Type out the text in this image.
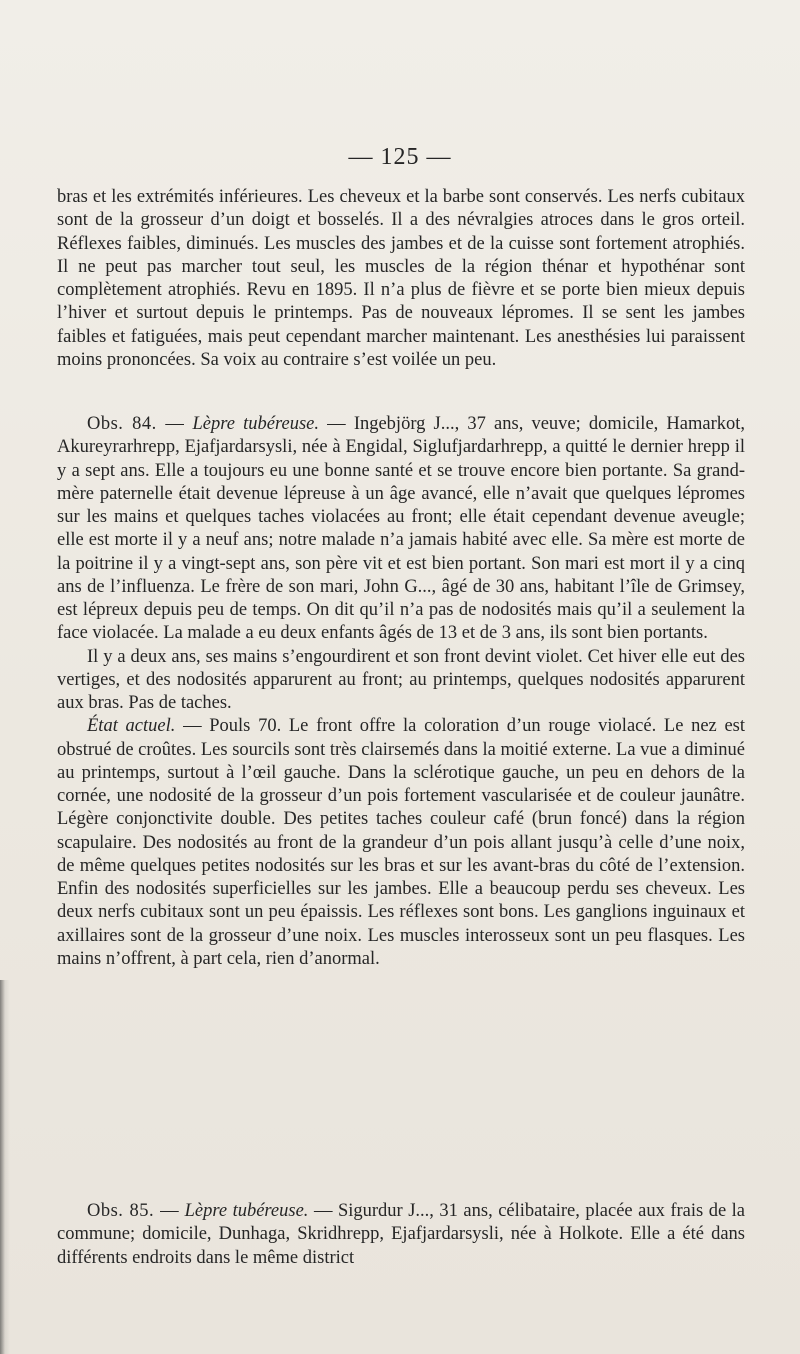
— 125 —

bras et les extrémités inférieures. Les cheveux et la barbe sont conservés. Les nerfs cubitaux sont de la grosseur d’un doigt et bosselés. Il a des névralgies atroces dans le gros orteil. Réflexes faibles, diminués. Les muscles des jambes et de la cuisse sont fortement atrophiés. Il ne peut pas marcher tout seul, les muscles de la région thénar et hypothénar sont complètement atrophiés. Revu en 1895. Il n’a plus de fièvre et se porte bien mieux depuis l’hiver et surtout depuis le printemps. Pas de nouveaux lépromes. Il se sent les jambes faibles et fatiguées, mais peut cependant marcher maintenant. Les anesthésies lui paraissent moins prononcées. Sa voix au contraire s’est voilée un peu.

Obs. 84. — Lèpre tubéreuse. — Ingebjörg J..., 37 ans, veuve; domicile, Hamarkot, Akureyrarhrepp, Ejafjardarsysli, née à Engidal, Siglufjardarhrepp, a quitté le dernier hrepp il y a sept ans. Elle a toujours eu une bonne santé et se trouve encore bien portante. Sa grand-mère paternelle était devenue lépreuse à un âge avancé, elle n’avait que quelques lépromes sur les mains et quelques taches violacées au front; elle était cependant devenue aveugle; elle est morte il y a neuf ans; notre malade n’a jamais habité avec elle. Sa mère est morte de la poitrine il y a vingt-sept ans, son père vit et est bien portant. Son mari est mort il y a cinq ans de l’influenza. Le frère de son mari, John G..., âgé de 30 ans, habitant l’île de Grimsey, est lépreux depuis peu de temps. On dit qu’il n’a pas de nodosités mais qu’il a seulement la face violacée. La malade a eu deux enfants âgés de 13 et de 3 ans, ils sont bien portants.

Il y a deux ans, ses mains s’engourdirent et son front devint violet. Cet hiver elle eut des vertiges, et des nodosités apparurent au front; au printemps, quelques nodosités apparurent aux bras. Pas de taches.

État actuel. — Pouls 70. Le front offre la coloration d’un rouge violacé. Le nez est obstrué de croûtes. Les sourcils sont très clairsemés dans la moitié externe. La vue a diminué au printemps, surtout à l’œil gauche. Dans la sclérotique gauche, un peu en dehors de la cornée, une nodosité de la grosseur d’un pois fortement vascularisée et de couleur jaunâtre. Légère conjonctivite double. Des petites taches couleur café (brun foncé) dans la région scapulaire. Des nodosités au front de la grandeur d’un pois allant jusqu’à celle d’une noix, de même quelques petites nodosités sur les bras et sur les avant-bras du côté de l’extension. Enfin des nodosités superficielles sur les jambes. Elle a beaucoup perdu ses cheveux. Les deux nerfs cubitaux sont un peu épaissis. Les réflexes sont bons. Les ganglions inguinaux et axillaires sont de la grosseur d’une noix. Les muscles interosseux sont un peu flasques. Les mains n’offrent, à part cela, rien d’anormal.

Obs. 85. — Lèpre tubéreuse. — Sigurdur J..., 31 ans, célibataire, placée aux frais de la commune; domicile, Dunhaga, Skridhrepp, Ejafjardarsysli, née à Holkote. Elle a été dans différents endroits dans le même district
